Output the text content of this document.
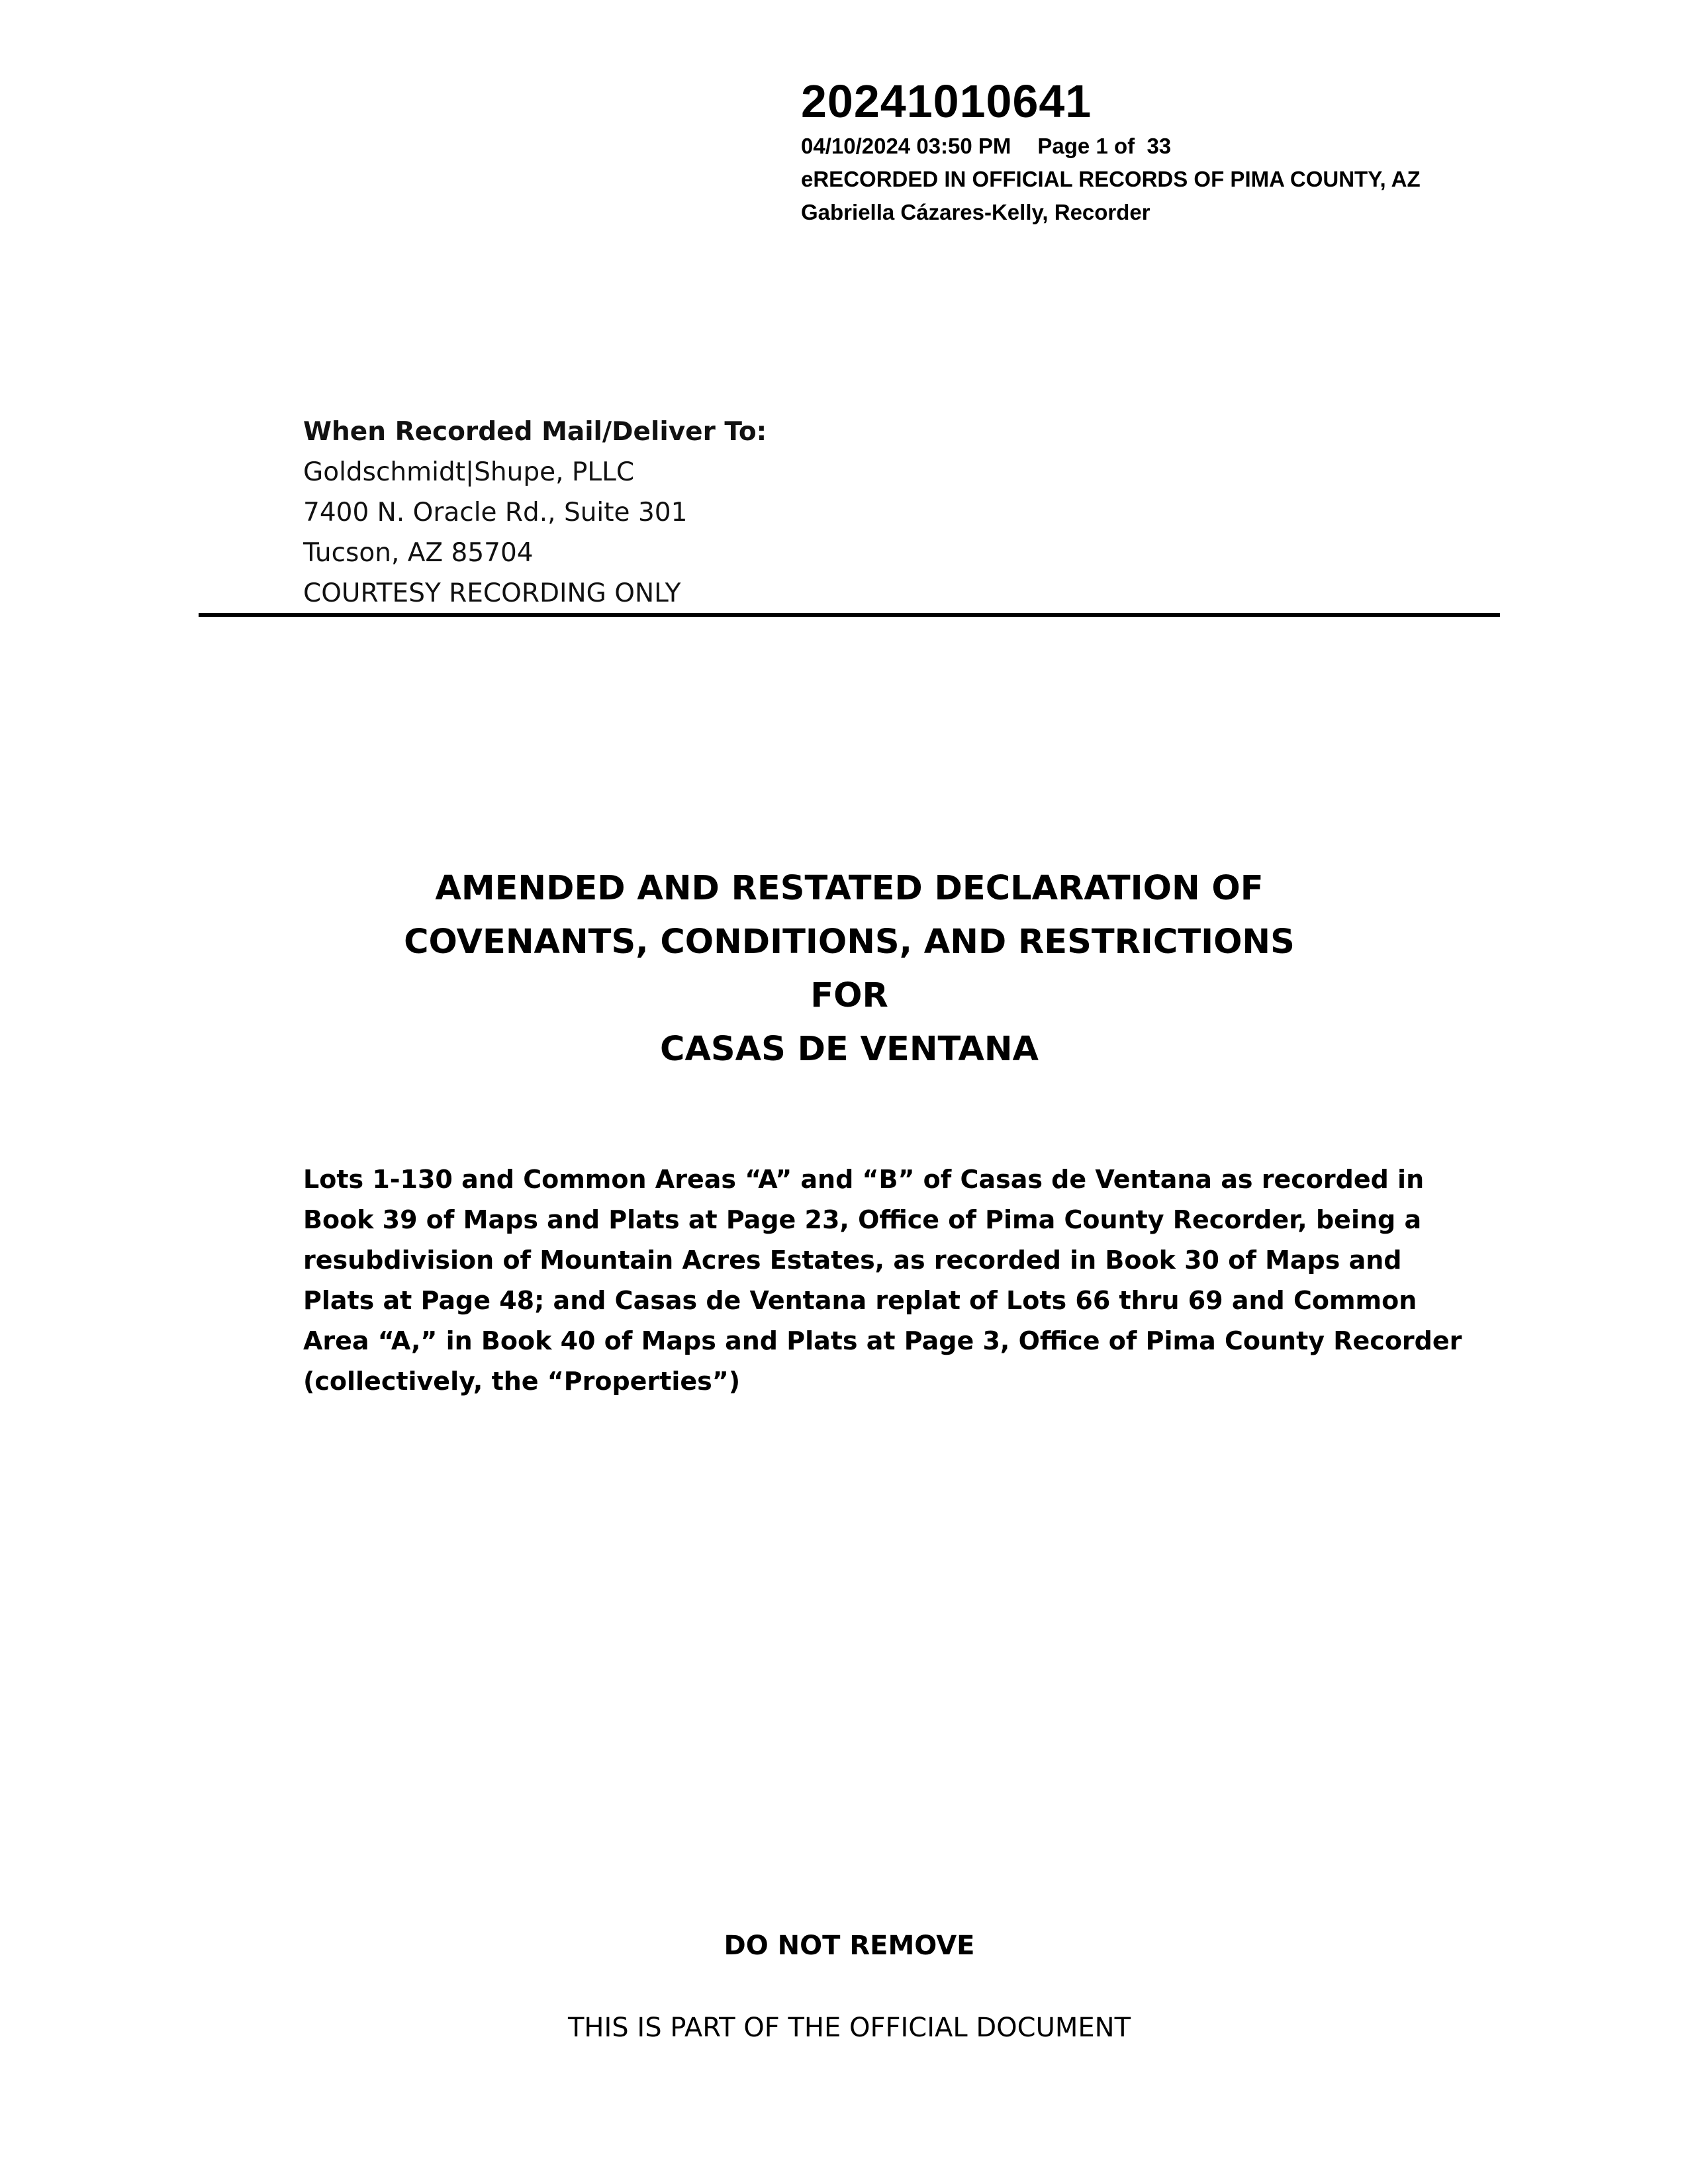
20241010641
04/10/2024 03:50 PM Page 1 of  33
eRECORDED IN OFFICIAL RECORDS OF PIMA COUNTY, AZ
Gabriella Cázares-Kelly, Recorder
When Recorded Mail/Deliver To:
Goldschmidt|Shupe, PLLC
7400 N. Oracle Rd., Suite 301
Tucson, AZ 85704
COURTESY RECORDING ONLY
AMENDED AND RESTATED DECLARATION OF
COVENANTS, CONDITIONS, AND RESTRICTIONS
FOR
CASAS DE VENTANA
Lots 1-130 and Common Areas “A” and “B” of Casas de Ventana as recorded in
Book 39 of Maps and Plats at Page 23, Office of Pima County Recorder, being a
resubdivision of Mountain Acres Estates, as recorded in Book 30 of Maps and
Plats at Page 48; and Casas de Ventana replat of Lots 66 thru 69 and Common
Area “A,” in Book 40 of Maps and Plats at Page 3, Office of Pima County Recorder
(collectively, the “Properties”)
DO NOT REMOVE
THIS IS PART OF THE OFFICIAL DOCUMENT
